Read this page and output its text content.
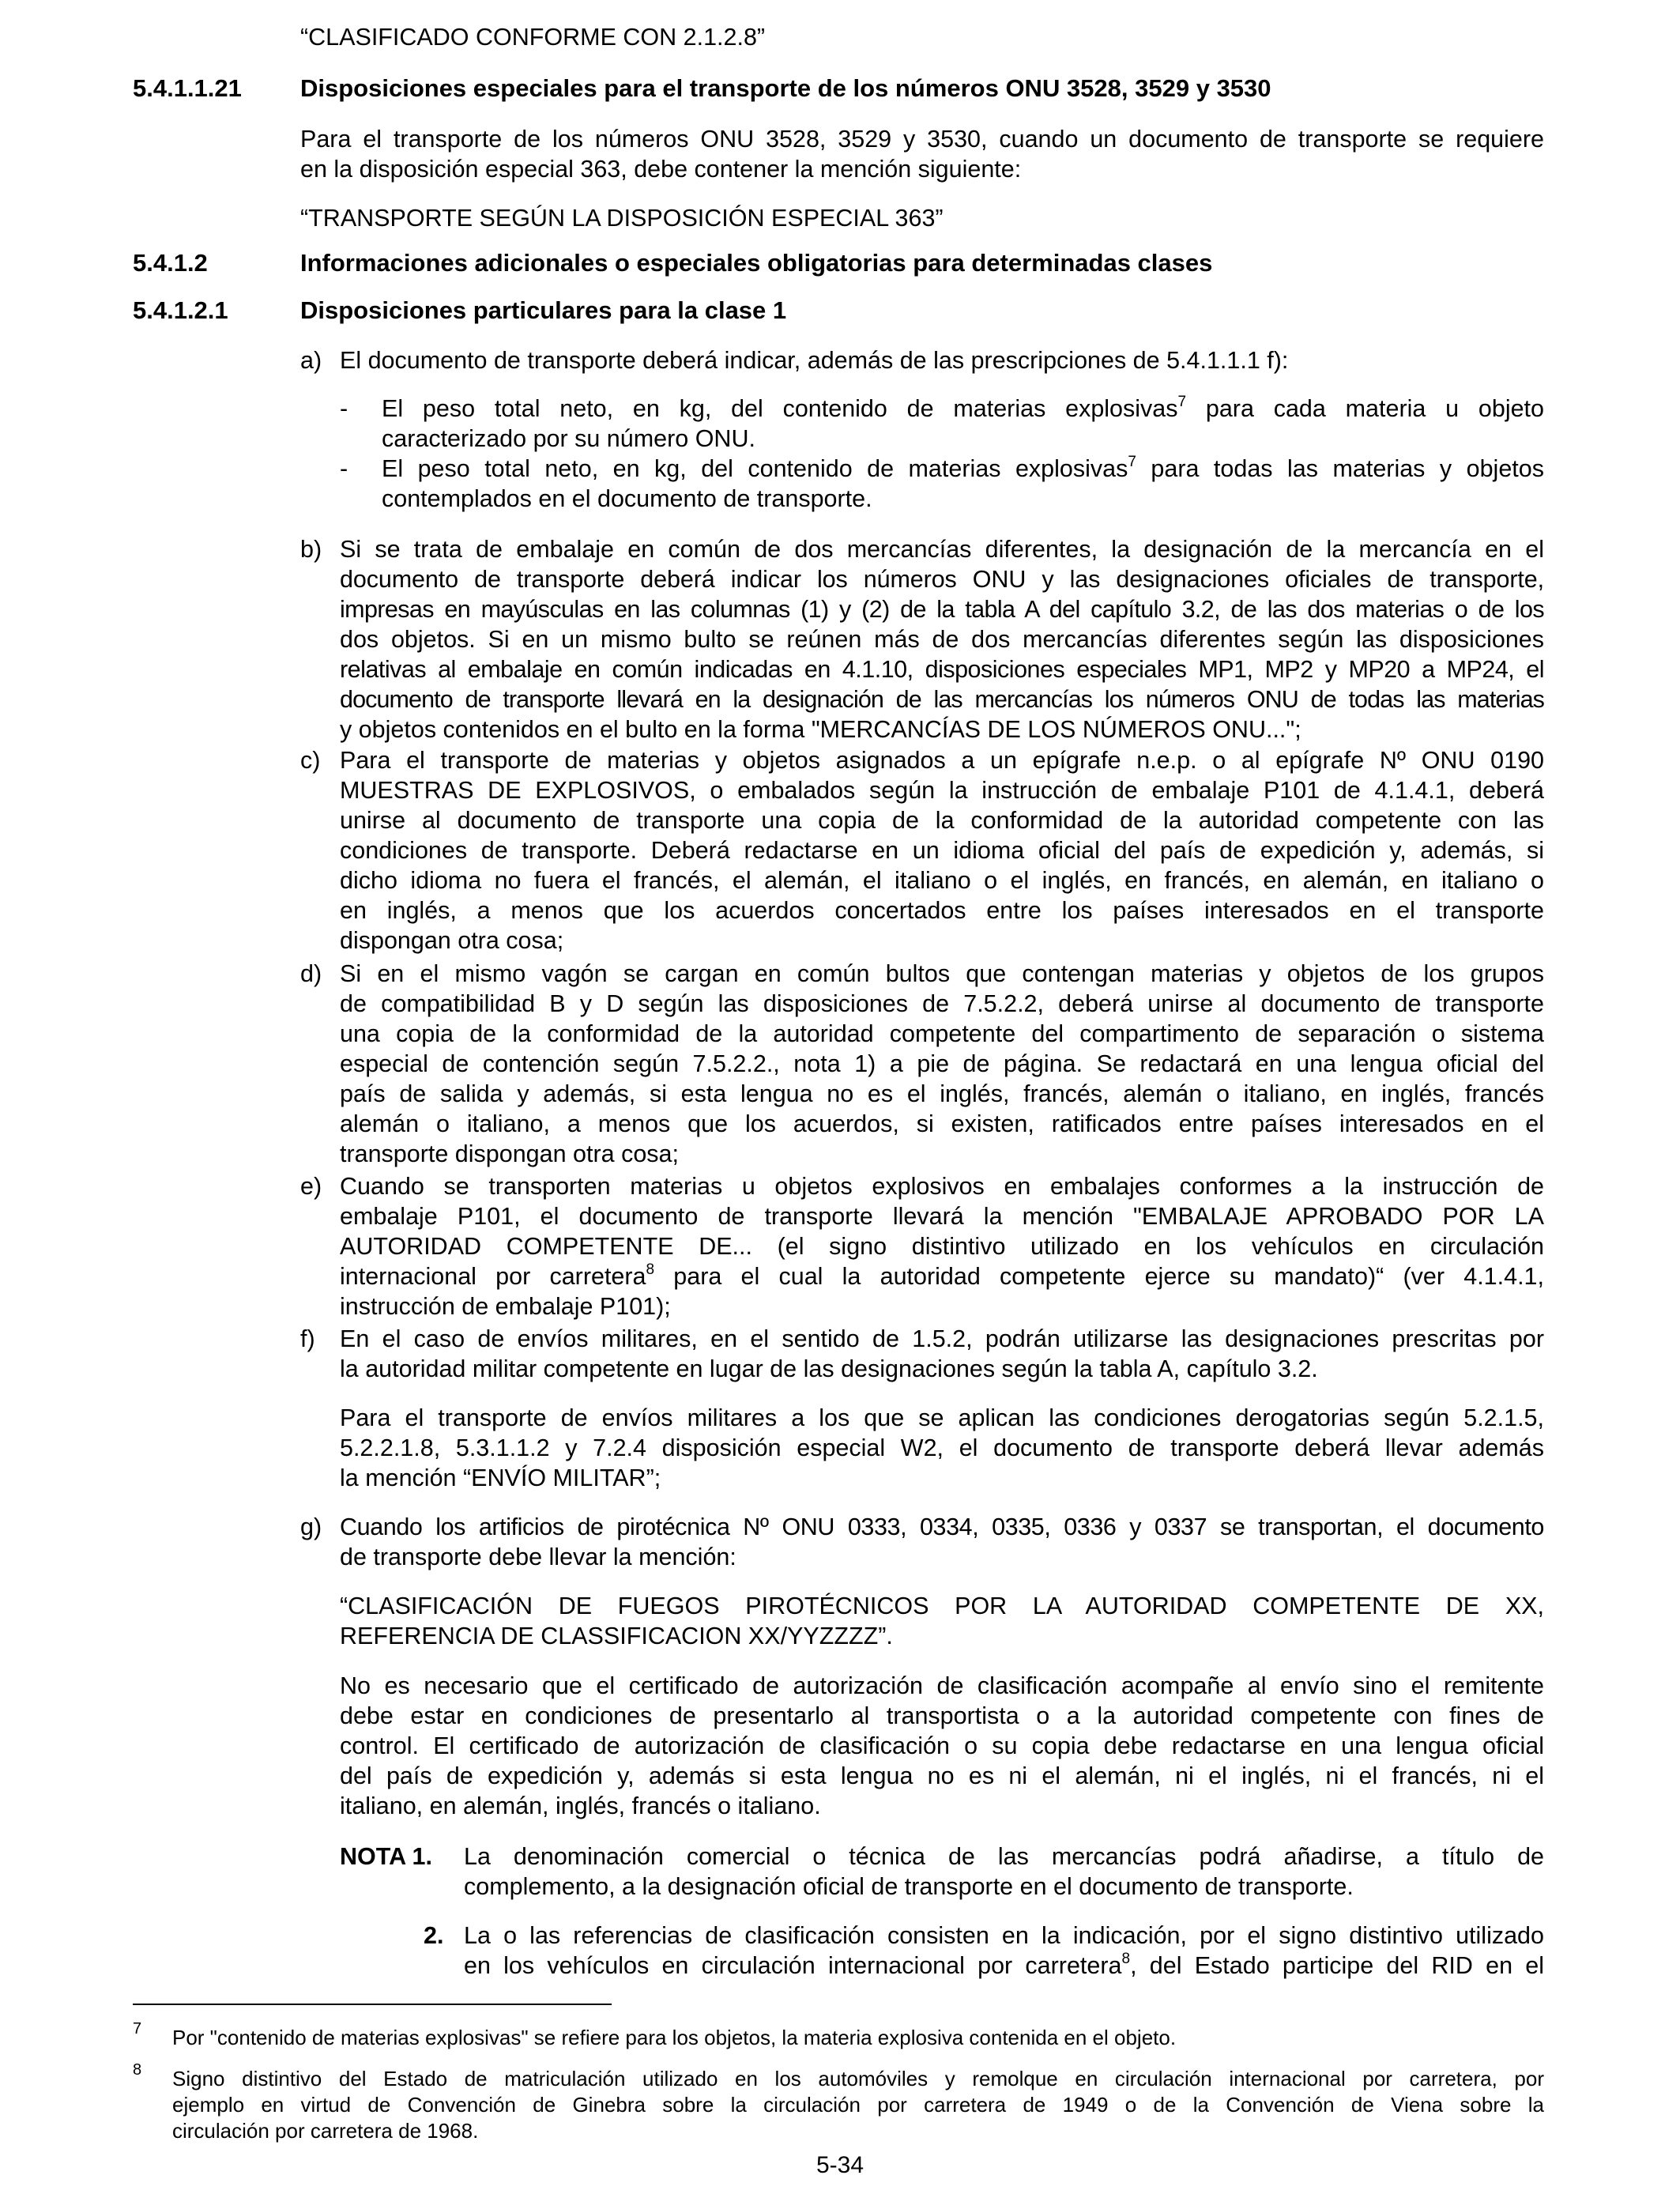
“CLASIFICADO CONFORME CON 2.1.2.8”
5.4.1.1.21 Disposiciones especiales para el transporte de los números ONU 3528, 3529 y 3530
Para el transporte de los números ONU 3528, 3529 y 3530, cuando un documento de transporte se requiere
en la disposición especial 363, debe contener la mención siguiente:
“TRANSPORTE SEGÚN LA DISPOSICIÓN ESPECIAL 363”
5.4.1.2	Informaciones adicionales o especiales obligatorias para determinadas clases
5.4.1.2.1	Disposiciones particulares para la clase 1
a) El documento de transporte deberá indicar, además de las prescripciones de 5.4.1.1.1 f):
- El peso total neto, en kg, del contenido de materias explosivas$^7$ para cada materia u objeto
caracterizado por su número ONU.
- El peso total neto, en kg, del contenido de materias explosivas$^7$ para todas las materias y objetos
contemplados en el documento de transporte.
b) Si se trata de embalaje en común de dos mercancías diferentes, la designación de la mercancía en el
documento de transporte deberá indicar los números ONU y las designaciones oficiales de transporte,
impresas en mayúsculas en las columnas (1) y (2) de la tabla A del capítulo 3.2, de las dos materias o de los
dos objetos. Si en un mismo bulto se reúnen más de dos mercancías diferentes según las disposiciones
relativas al embalaje en común indicadas en 4.1.10, disposiciones especiales MP1, MP2 y MP20 a MP24, el
documento de transporte llevará en la designación de las mercancías los números ONU de todas las materias
y objetos contenidos en el bulto en la forma "MERCANCÍAS DE LOS NÚMEROS ONU...";
c) Para el transporte de materias y objetos asignados a un epígrafe n.e.p. o al epígrafe Nº ONU 0190
MUESTRAS DE EXPLOSIVOS, o embalados según la instrucción de embalaje P101 de 4.1.4.1, deberá
unirse al documento de transporte una copia de la conformidad de la autoridad competente con las
condiciones de transporte. Deberá redactarse en un idioma oficial del país de expedición y, además, si
dicho idioma no fuera el francés, el alemán, el italiano o el inglés, en francés, en alemán, en italiano o
en inglés, a menos que los acuerdos concertados entre los países interesados en el transporte
dispongan otra cosa;
d) Si en el mismo vagón se cargan en común bultos que contengan materias y objetos de los grupos
de compatibilidad B y D según las disposiciones de 7.5.2.2, deberá unirse al documento de transporte
una copia de la conformidad de la autoridad competente del compartimento de separación o sistema
especial de contención según 7.5.2.2., nota 1) a pie de página. Se redactará en una lengua oficial del
país de salida y además, si esta lengua no es el inglés, francés, alemán o italiano, en inglés, francés
alemán o italiano, a menos que los acuerdos, si existen, ratificados entre países interesados en el
transporte dispongan otra cosa;
e) Cuando se transporten materias u objetos explosivos en embalajes conformes a la instrucción de
embalaje P101, el documento de transporte llevará la mención "EMBALAJE APROBADO POR LA
AUTORIDAD COMPETENTE DE... (el signo distintivo utilizado en los vehículos en circulación
internacional por carretera$^8$ para el cual la autoridad competente ejerce su mandato)“ (ver 4.1.4.1,
instrucción de embalaje P101);
f) En el caso de envíos militares, en el sentido de 1.5.2, podrán utilizarse las designaciones prescritas por
la autoridad militar competente en lugar de las designaciones según la tabla A, capítulo 3.2.
Para el transporte de envíos militares a los que se aplican las condiciones derogatorias según 5.2.1.5,
5.2.2.1.8, 5.3.1.1.2 y 7.2.4 disposición especial W2, el documento de transporte deberá llevar además
la mención “ENVÍO MILITAR”;
g) Cuando los artificios de pirotécnica Nº ONU 0333, 0334, 0335, 0336 y 0337 se transportan, el documento
de transporte debe llevar la mención:
“CLASIFICACIÓN DE FUEGOS PIROTÉCNICOS POR LA AUTORIDAD COMPETENTE DE XX,
REFERENCIA DE CLASSIFICACION XX/YYZZZZ”.
No es necesario que el certificado de autorización de clasificación acompañe al envío sino el remitente
debe estar en condiciones de presentarlo al transportista o a la autoridad competente con fines de
control. El certificado de autorización de clasificación o su copia debe redactarse en una lengua oficial
del país de expedición y, además si esta lengua no es ni el alemán, ni el inglés, ni el francés, ni el
italiano, en alemán, inglés, francés o italiano.
NOTA 1. La denominación comercial o técnica de las mercancías podrá añadirse, a título de
complemento, a la designación oficial de transporte en el documento de transporte.
2. La o las referencias de clasificación consisten en la indicación, por el signo distintivo utilizado
en los vehículos en circulación internacional por carretera$^8$, del Estado participe del RID en el
7 Por "contenido de materias explosivas" se refiere para los objetos, la materia explosiva contenida en el objeto.
8 Signo distintivo del Estado de matriculación utilizado en los automóviles y remolque en circulación internacional por carretera, por
ejemplo en virtud de Convención de Ginebra sobre la circulación por carretera de 1949 o de la Convención de Viena sobre la
circulación por carretera de 1968.
5-34
